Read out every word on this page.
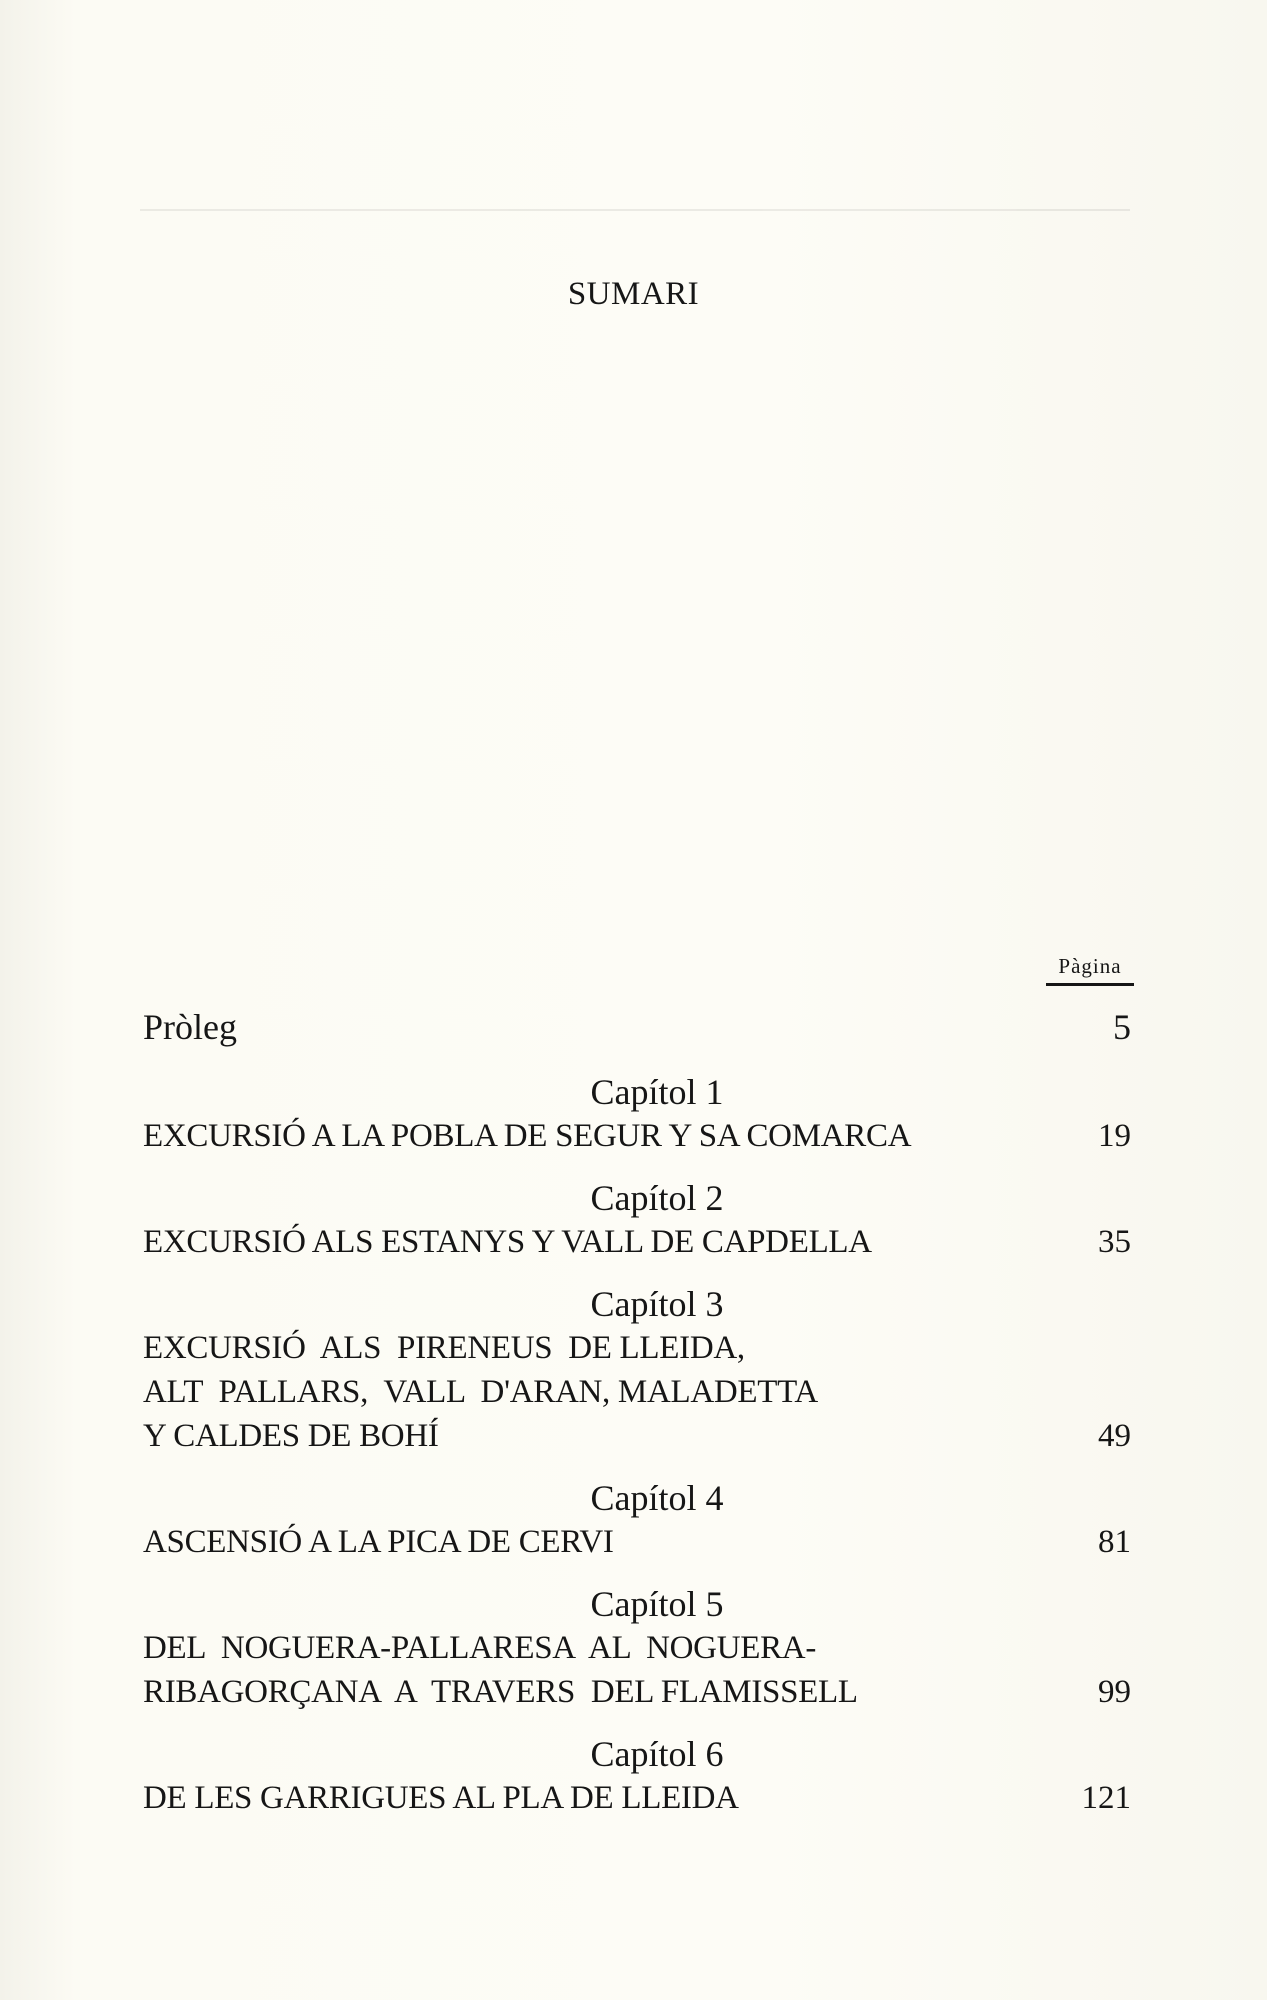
SUMARI
Pàgina
Pròleg	5
Capítol 1
EXCURSIÓ A LA POBLA DE SEGUR Y SA COMARCA	19
Capítol 2
EXCURSIÓ ALS ESTANYS Y VALL DE CAPDELLA	35
Capítol 3
EXCURSIÓ  ALS  PIRENEUS  DE LLEIDA,
ALT  PALLARS,  VALL  D'ARAN, MALADETTA
Y CALDES DE BOHÍ	49
Capítol 4
ASCENSIÓ A LA PICA DE CERVI	81
Capítol 5
DEL  NOGUERA-PALLARESA  AL  NOGUERA-
RIBAGORÇANA  A  TRAVERS  DEL FLAMISSELL	99
Capítol 6
DE LES GARRIGUES AL PLA DE LLEIDA	121
